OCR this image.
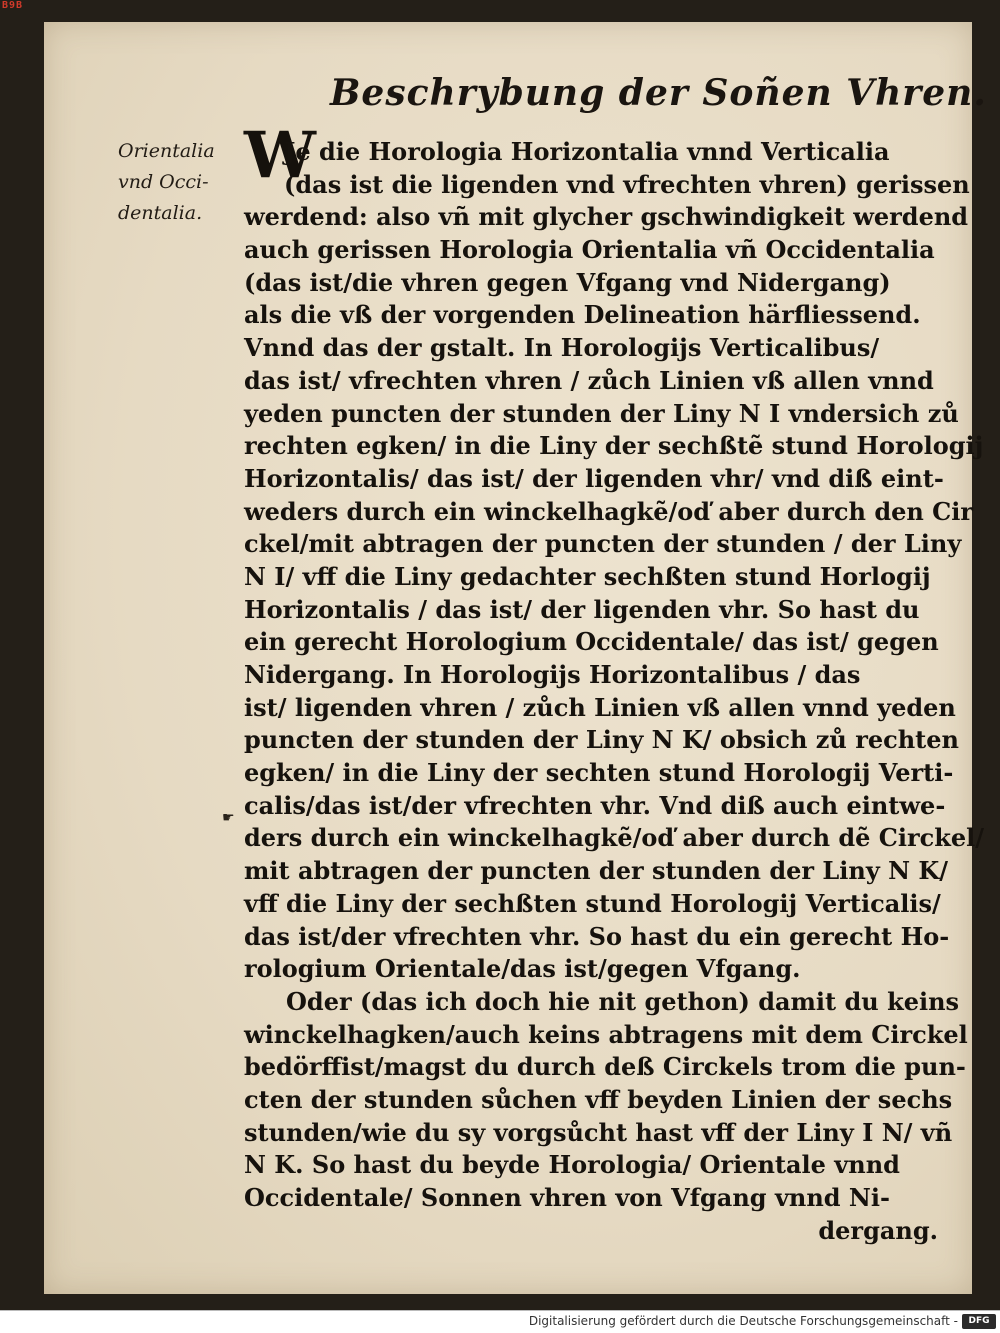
B9B
Beschrybung der Soñen Vhren.
Orientalia
vnd Occi-
dentalia.
W
☛
Je die Horologia Horizontalia vnnd Verticalia
(das ist die ligenden vnd vfrechten vhren) gerissen
werdend: also vñ mit glycher gschwindigkeit werdend
auch gerissen Horologia Orientalia vñ Occidentalia
(das ist/die vhren gegen Vfgang vnd Nidergang)
als die vß der vorgenden Delineation härfliessend.
Vnnd das der gstalt. In Horologijs Verticalibus/
das ist/ vfrechten vhren / zůch Linien vß allen vnnd
yeden puncten der stunden der Liny N I vndersich zů
rechten egken/ in die Liny der sechßtẽ stund Horologij
Horizontalis/ das ist/ der ligenden vhr/ vnd diß eint-
weders durch ein winckelhagkẽ/oď aber durch den Cir
ckel/mit abtragen der puncten der stunden / der Liny
N I/ vff die Liny gedachter sechßten stund Horlogij
Horizontalis / das ist/ der ligenden vhr. So hast du
ein gerecht Horologium Occidentale/ das ist/ gegen
Nidergang. In Horologijs Horizontalibus / das
ist/ ligenden vhren / zůch Linien vß allen vnnd yeden
puncten der stunden der Liny N K/ obsich zů rechten
egken/ in die Liny der sechten stund Horologij Verti-
calis/das ist/der vfrechten vhr. Vnd diß auch eintwe-
ders durch ein winckelhagkẽ/oď aber durch dẽ Circkel/
mit abtragen der puncten der stunden der Liny N K/
vff die Liny der sechßten stund Horologij Verticalis/
das ist/der vfrechten vhr. So hast du ein gerecht Ho-
rologium Orientale/das ist/gegen Vfgang.
Oder (das ich doch hie nit gethon) damit du keins
winckelhagken/auch keins abtragens mit dem Circkel
bedörffist/magst du durch deß Circkels trom die pun-
cten der stunden sůchen vff beyden Linien der sechs
stunden/wie du sy vorgsůcht hast vff der Liny I N/ vñ
N K. So hast du beyde Horologia/ Orientale vnnd
Occidentale/ Sonnen vhren von Vfgang vnnd Ni-
dergang.
Digitalisierung gefördert durch die Deutsche Forschungsgemeinschaft -	DFG
